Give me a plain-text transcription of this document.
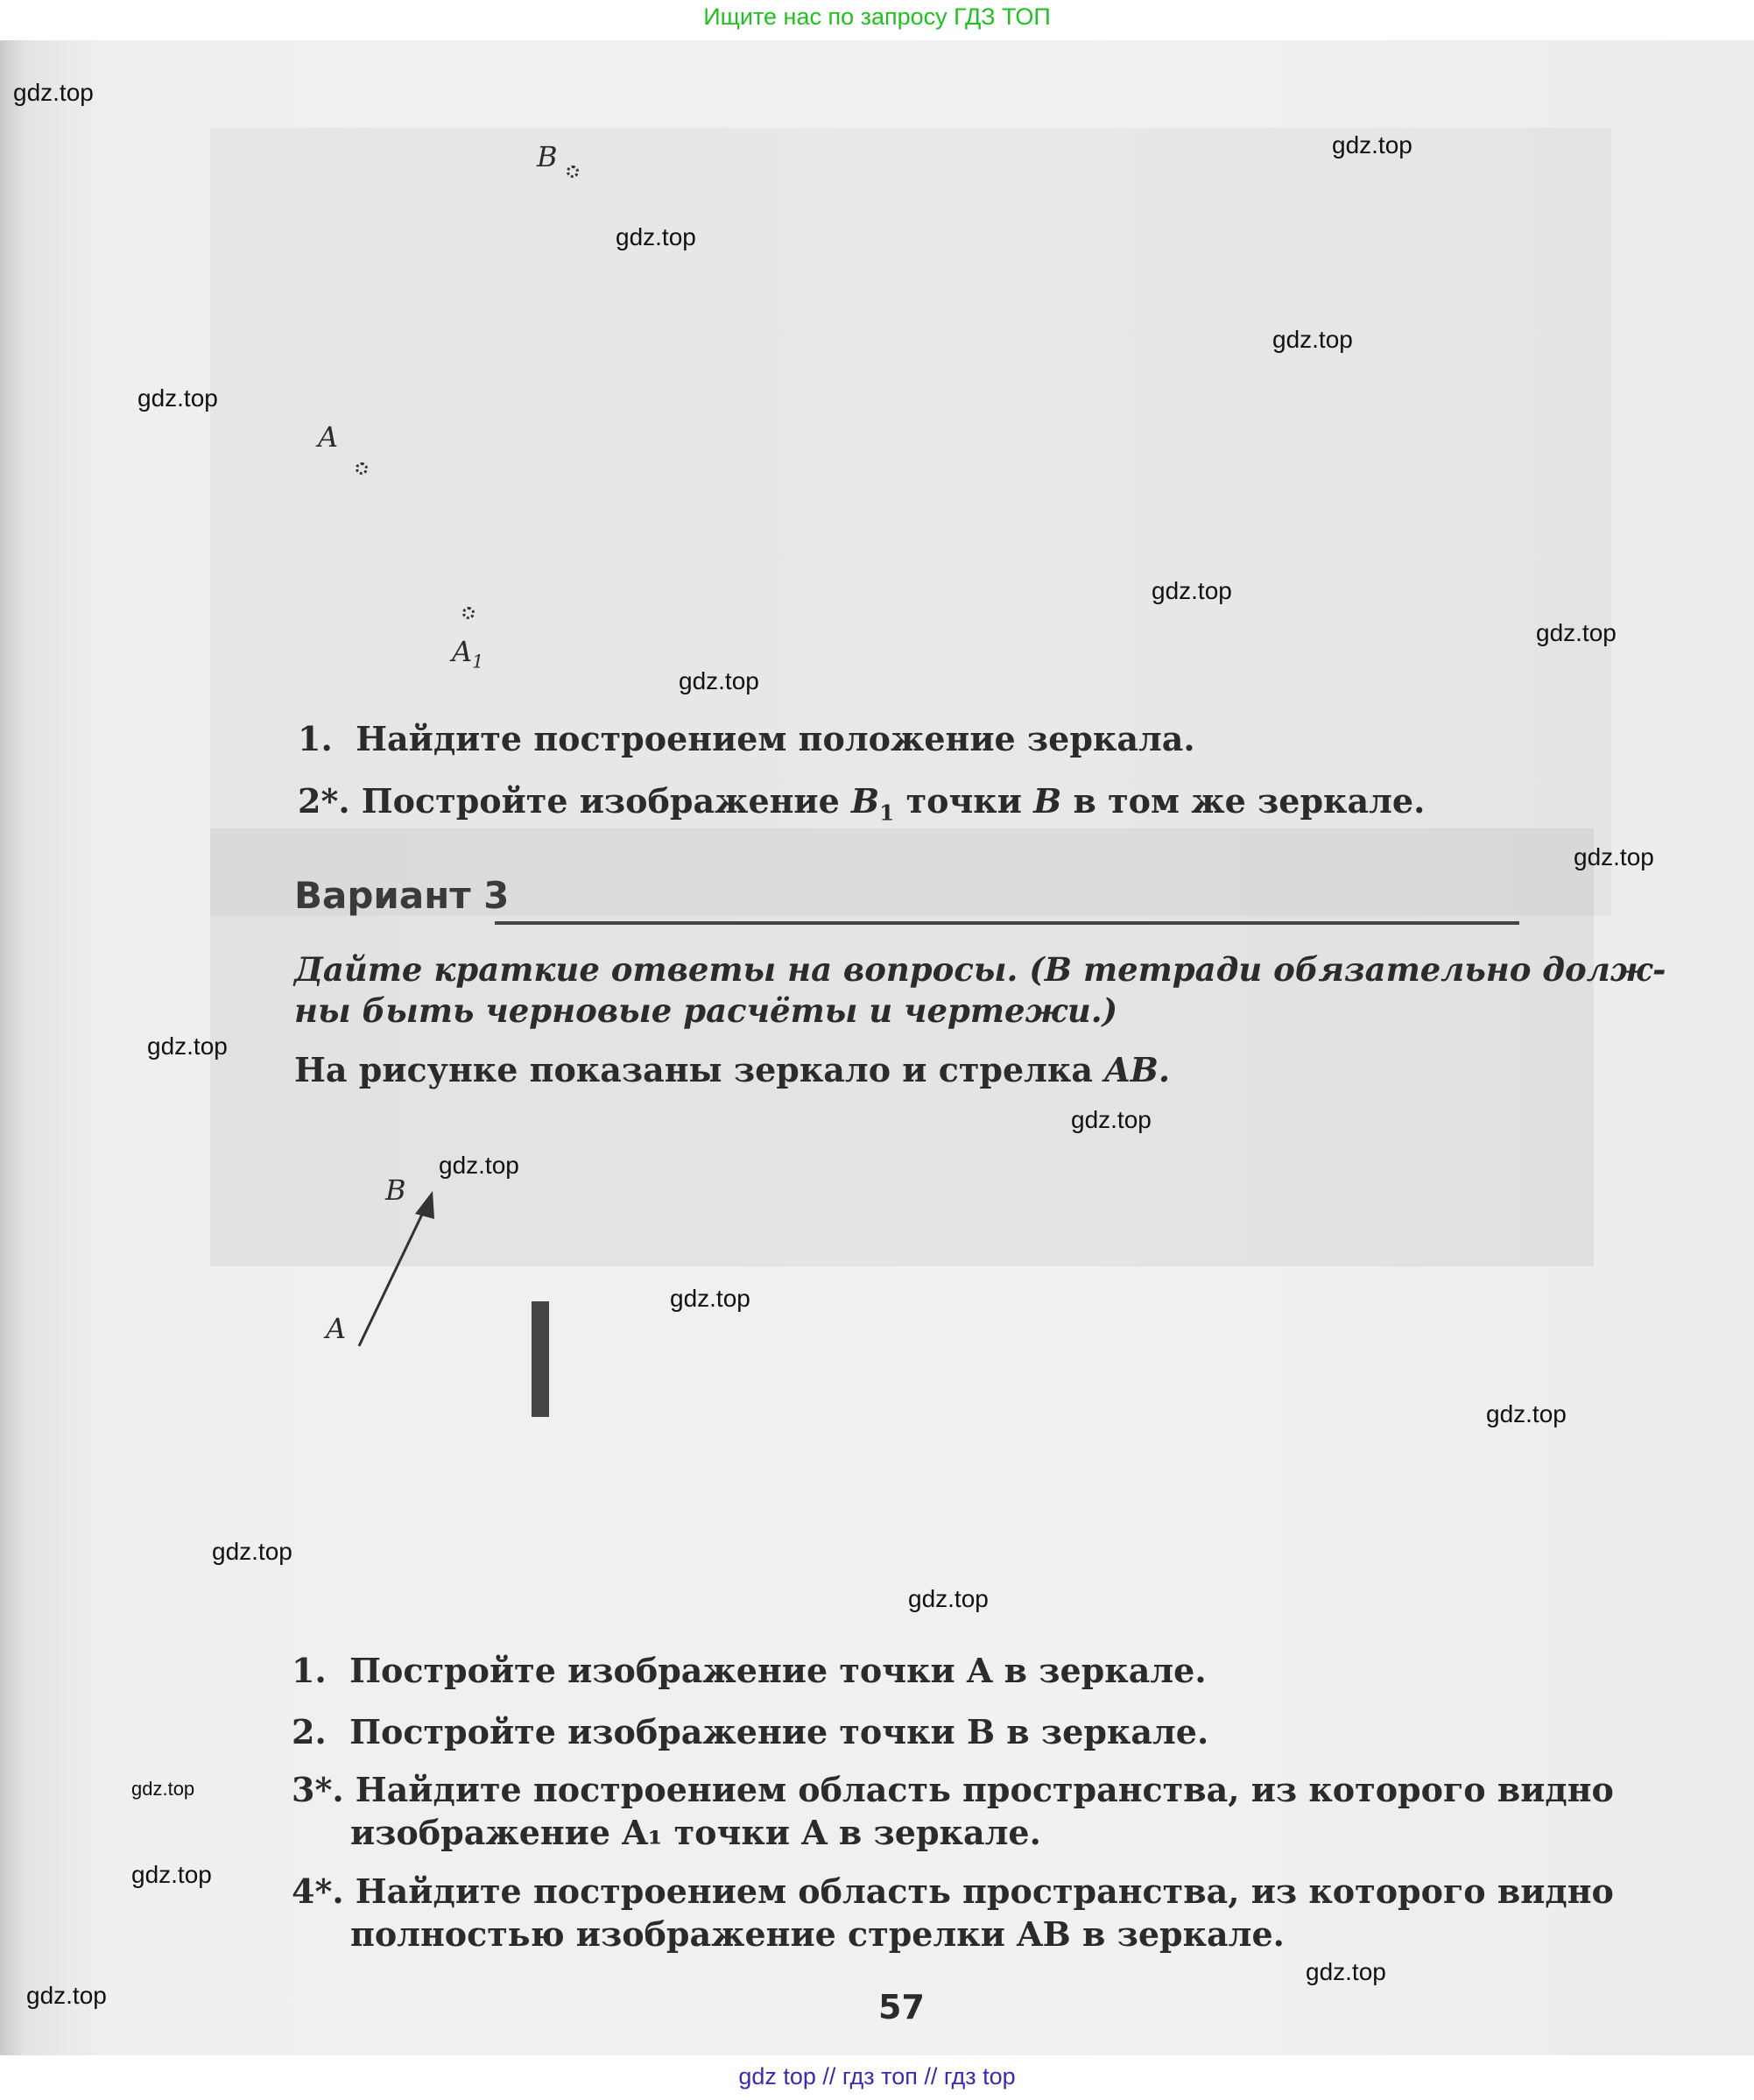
Ищите нас по запросу ГДЗ ТОП
B
A
$A_1$
1. Найдите построением положение зеркала.
2*. Постройте изображение $B_1$ точки B в том же зеркале.
Вариант 3
Дайте краткие ответы на вопросы. (В тетради обязательно долж-
ны быть черновые расчёты и чертежи.)
На рисунке показаны зеркало и стрелка AB.
B
A
1. Постройте изображение точки A в зеркале.
2. Постройте изображение точки B в зеркале.
3*. Найдите построением область пространства, из которого видно
изображение A₁ точки A в зеркале.
4*. Найдите построением область пространства, из которого видно
полностью изображение стрелки AB в зеркале.
57
gdz.top
gdz.top
gdz.top
gdz.top
gdz.top
gdz.top
gdz.top
gdz.top
gdz.top
gdz.top
gdz.top
gdz.top
gdz.top
gdz.top
gdz.top
gdz.top
gdz.top
gdz.top
gdz.top
gdz.top
gdz top // гдз топ // гдз top
